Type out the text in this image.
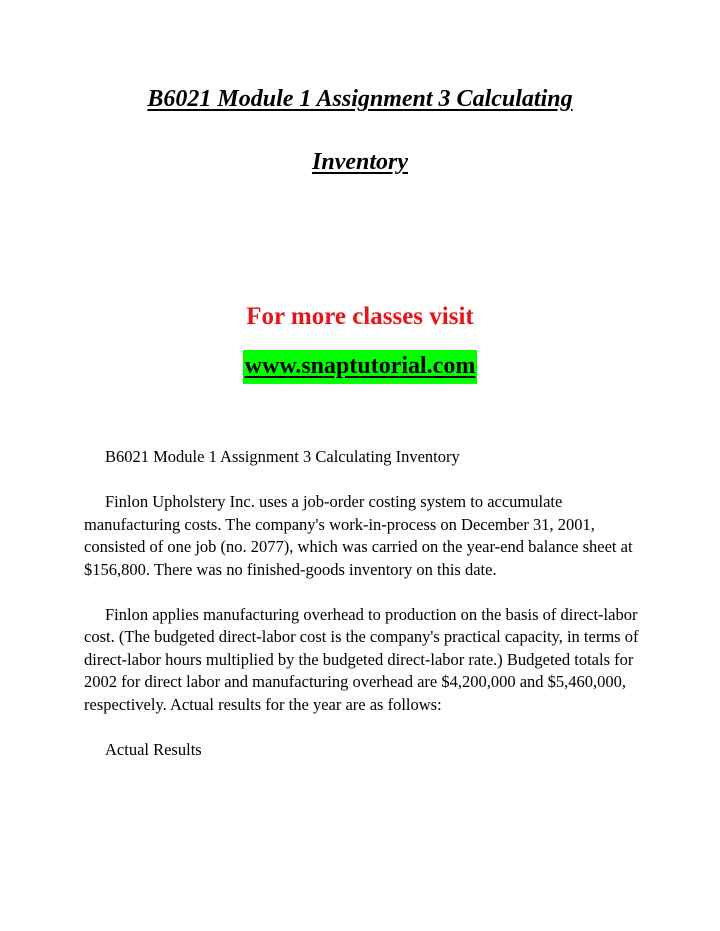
B6021 Module 1 Assignment 3 Calculating
Inventory

For more classes visit

www.snaptutorial.com

B6021 Module 1 Assignment 3 Calculating Inventory

Finlon Upholstery Inc. uses a job-order costing system to accumulate manufacturing costs. The company's work-in-process on December 31, 2001, consisted of one job (no. 2077), which was carried on the year-end balance sheet at $156,800. There was no finished-goods inventory on this date.

Finlon applies manufacturing overhead to production on the basis of direct-labor cost. (The budgeted direct-labor cost is the company's practical capacity, in terms of direct-labor hours multiplied by the budgeted direct-labor rate.) Budgeted totals for 2002 for direct labor and manufacturing overhead are $4,200,000 and $5,460,000, respectively. Actual results for the year are as follows:

Actual Results
